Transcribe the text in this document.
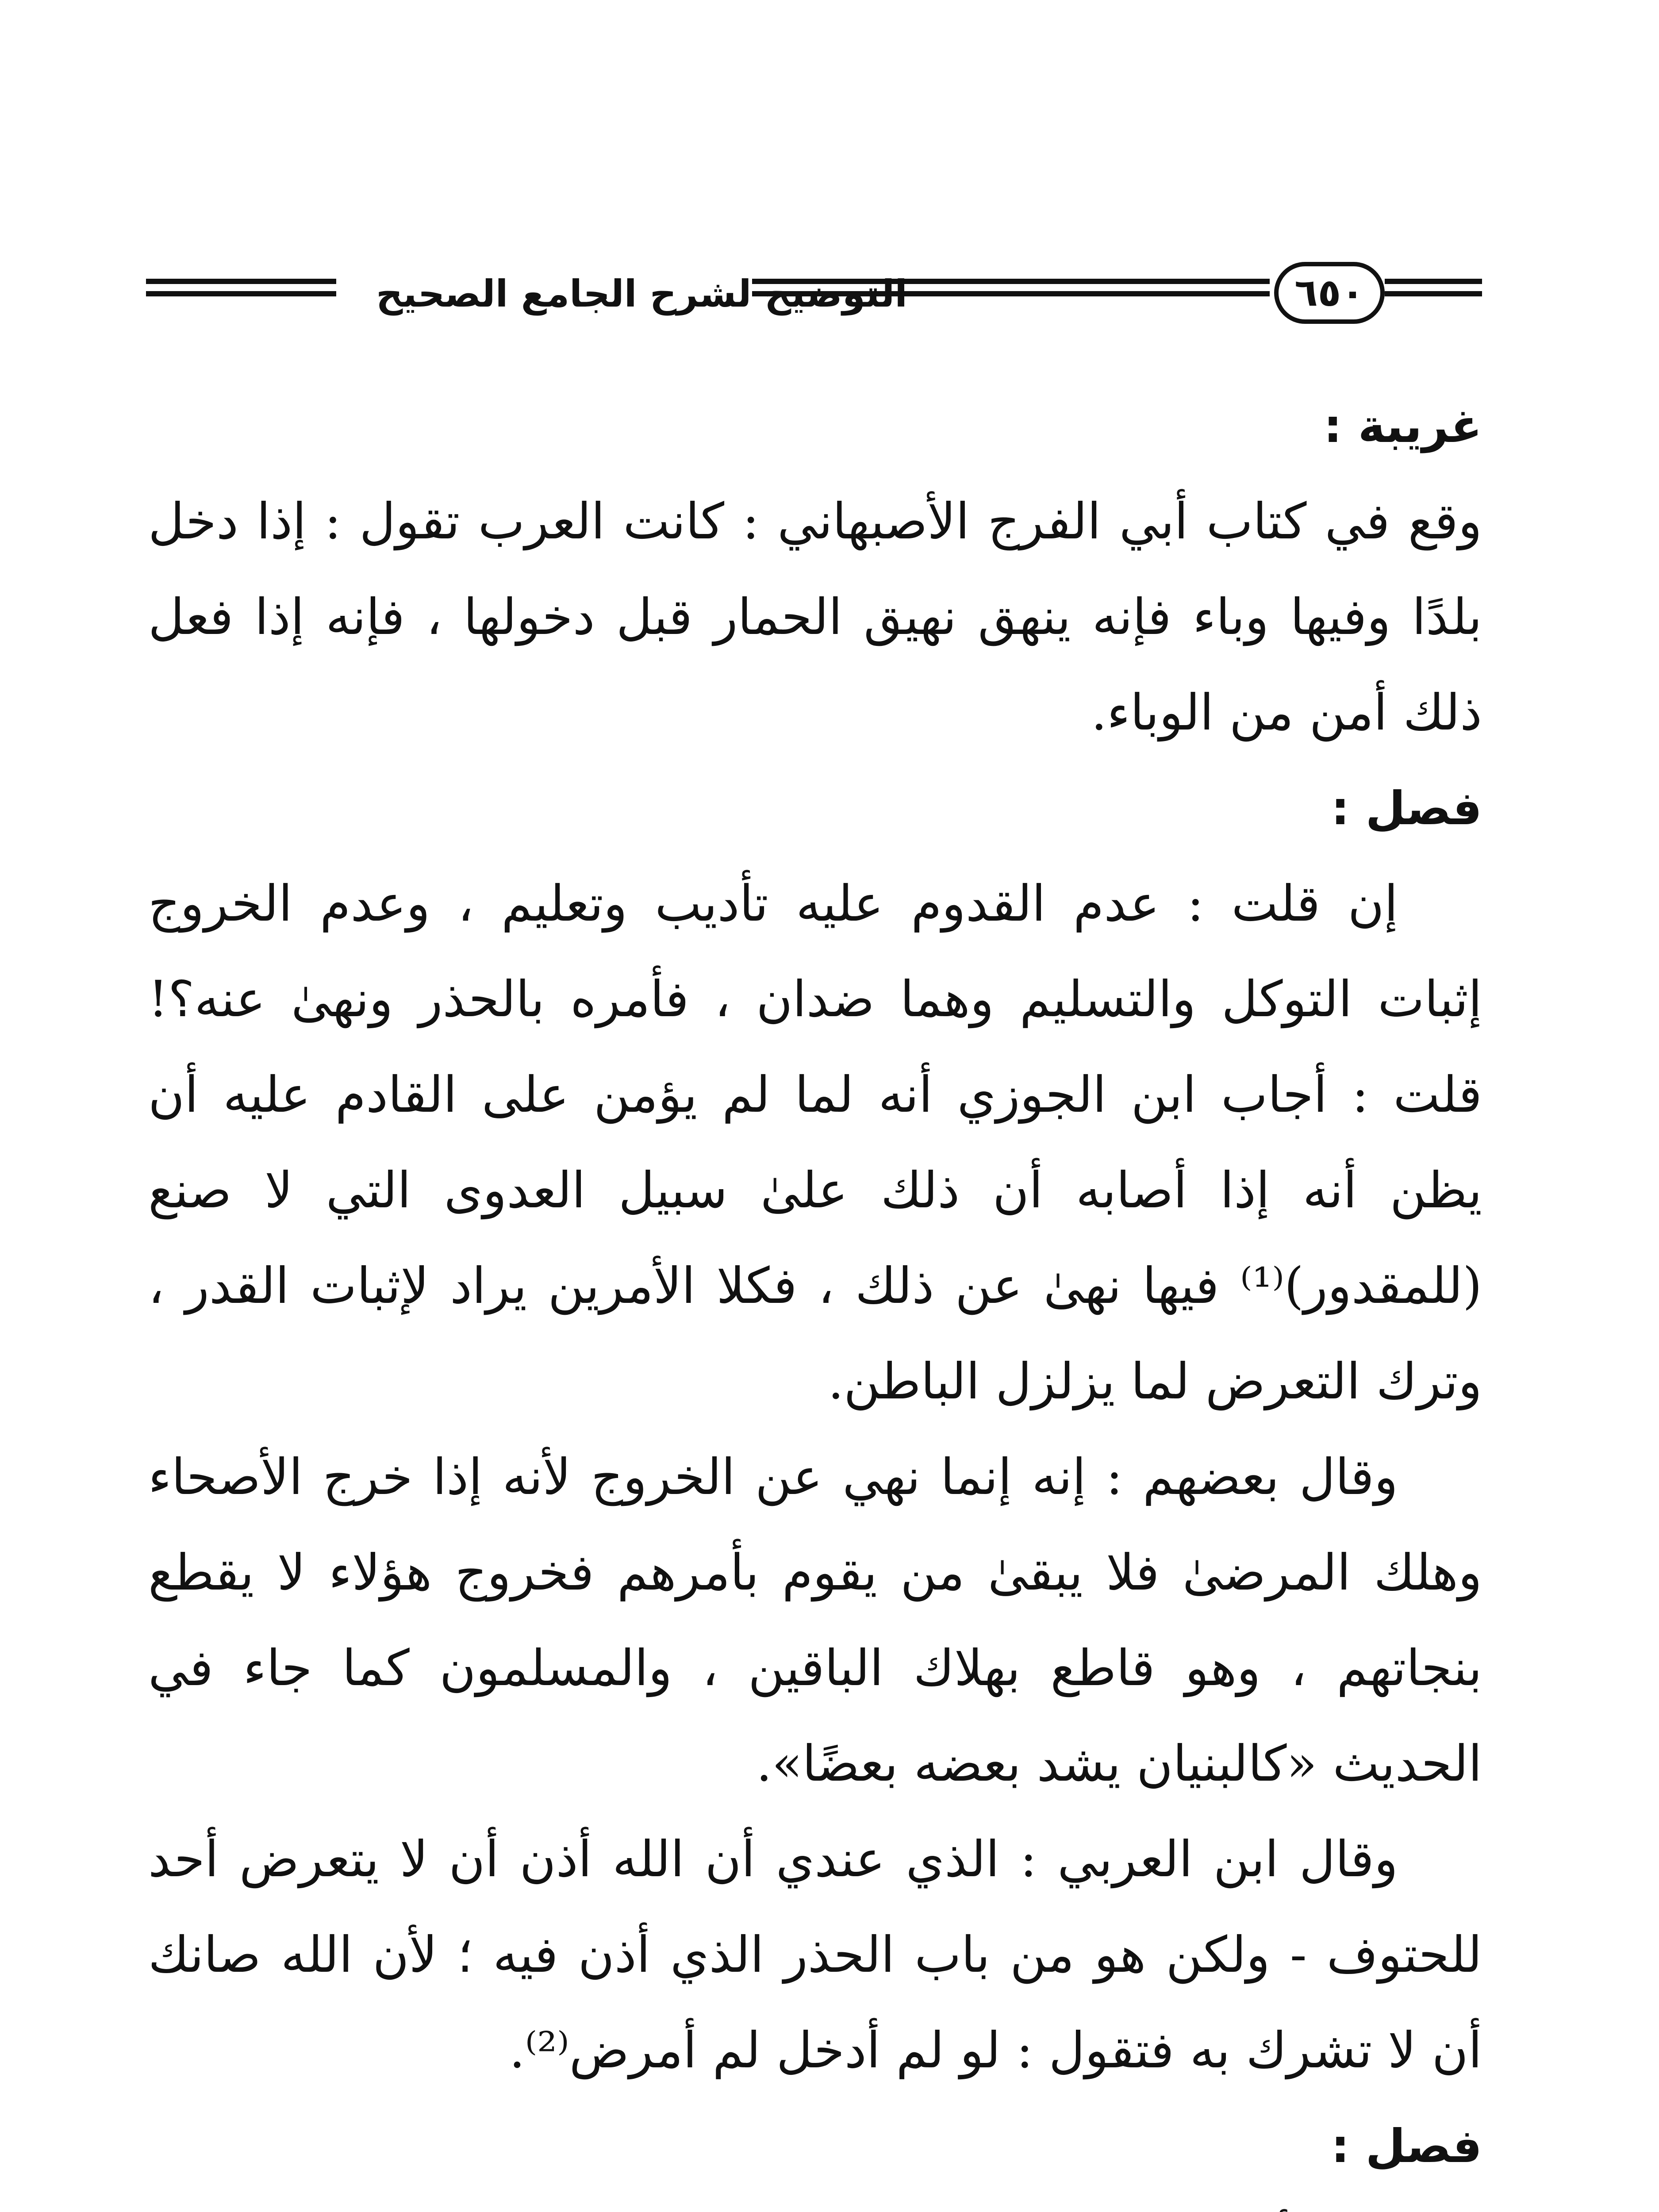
التوضيح لشرح الجامع الصحيح	٦٥٠

غريبة :

وقع في كتاب أبي الفرج الأصبهاني : كانت العرب تقول : إذا دخل بلدًا وفيها وباء فإنه ينهق نهيق الحمار قبل دخولها ، فإنه إذا فعل ذلك أمن من الوباء.

فصل :

إن قلت : عدم القدوم عليه تأديب وتعليم ، وعدم الخروج إثبات التوكل والتسليم وهما ضدان ، فأمره بالحذر ونهىٰ عنه؟! قلت : أجاب ابن الجوزي أنه لما لم يؤمن على القادم عليه أن يظن أنه إذا أصابه أن ذلك علىٰ سبيل العدوى التي لا صنع (للمقدور)⁽¹⁾ فيها نهىٰ عن ذلك ، فكلا الأمرين يراد لإثبات القدر ، وترك التعرض لما يزلزل الباطن.

وقال بعضهم : إنه إنما نهي عن الخروج لأنه إذا خرج الأصحاء وهلك المرضىٰ فلا يبقىٰ من يقوم بأمرهم فخروج هؤلاء لا يقطع بنجاتهم ، وهو قاطع بهلاك الباقين ، والمسلمون كما جاء في الحديث «كالبنيان يشد بعضه بعضًا».

وقال ابن العربي : الذي عندي أن الله أذن أن لا يتعرض أحد للحتوف - ولكن هو من باب الحذر الذي أذن فيه ؛ لأن الله صانك أن لا تشرك به فتقول : لو لم أدخل لم أمرض⁽²⁾.

فصل :
